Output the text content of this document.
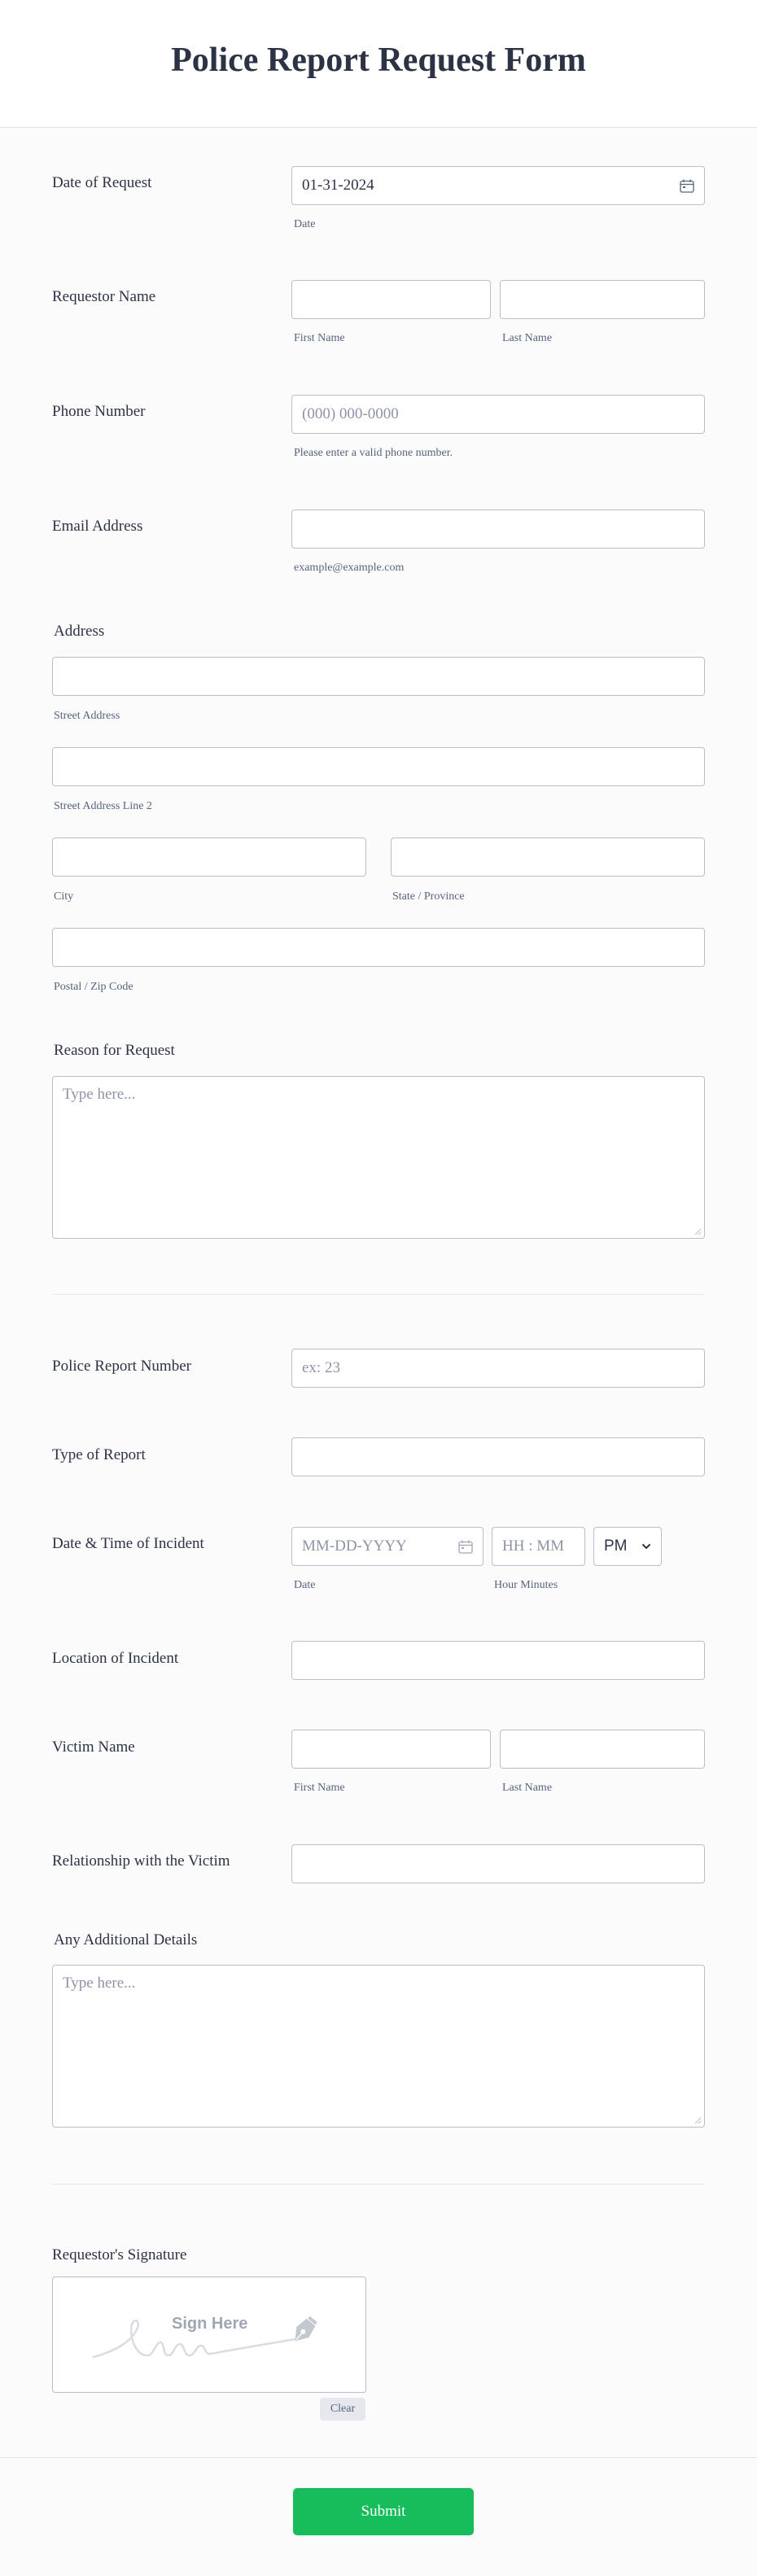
Police Report Request Form
Date of Request	01-31-2024
Date
Requestor Name
First Name	Last Name
Phone Number	(000) 000-0000
Please enter a valid phone number.
Email Address
example@example.com
Address
Street Address
Street Address Line 2
City	State / Province
Postal / Zip Code
Reason for Request
Type here...
Police Report Number	ex: 23
Type of Report
Date & Time of Incident	MM-DD-YYYY	HH : MM	PM
Date	Hour Minutes
Location of Incident
Victim Name
First Name	Last Name
Relationship with the Victim
Any Additional Details
Type here...
Requestor's Signature
Sign Here
Clear
Submit
